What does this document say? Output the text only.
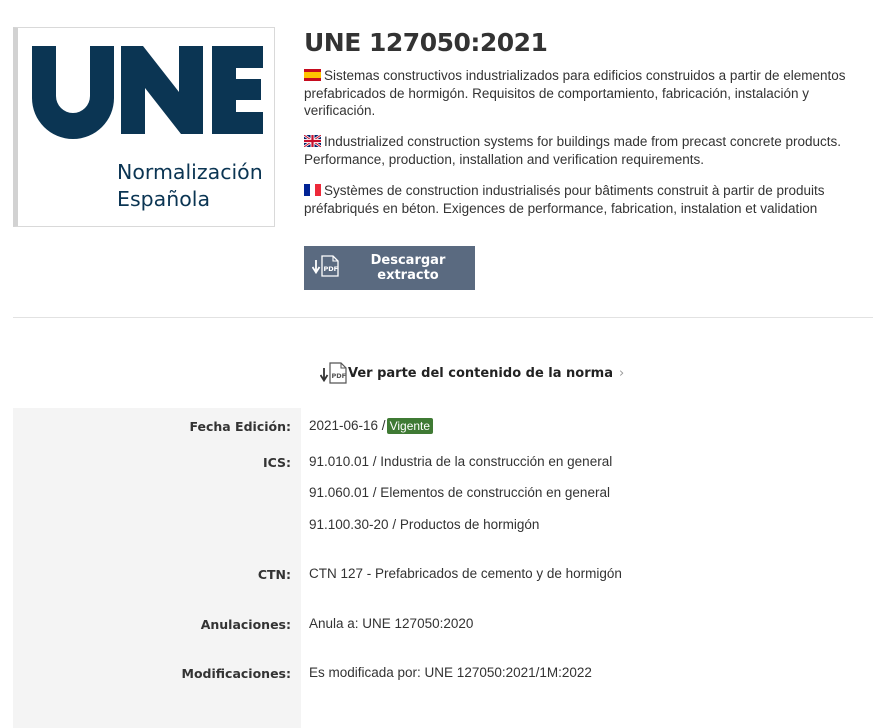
Normalización
Española
UNE 127050:2021

Sistemas constructivos industrializados para edificios construidos a partir de elementos prefabricados de hormigón. Requisitos de comportamiento, fabricación, instalación y verificación.

Industrialized construction systems for buildings made from precast concrete products. Performance, production, installation and verification requirements.

Systèmes de construction industrialisés pour bâtiments construit à partir de produits préfabriqués en béton. Exigences de performance, fabrication, instalation et validation

PDF
Descargar extracto
PDF Ver parte del contenido de la norma ›
Fecha Edición: 2021-06-16 / Vigente
ICS: 91.010.01 / Industria de la construcción en general
91.060.01 / Elementos de construcción en general
91.100.30-20 / Productos de hormigón
CTN: CTN 127 - Prefabricados de cemento y de hormigón
Anulaciones: Anula a: UNE 127050:2020
Modificaciones: Es modificada por: UNE 127050:2021/1M:2022
